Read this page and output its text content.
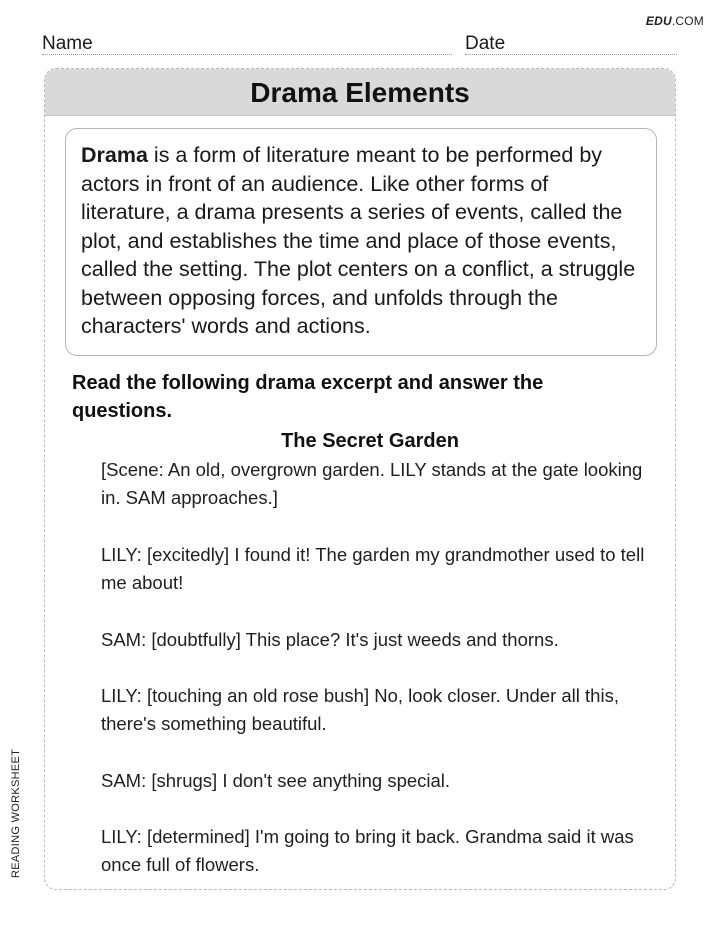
EDU.COM
Name	Date
READING WORKSHEET
Drama Elements
Drama is a form of literature meant to be performed by actors in front of an audience. Like other forms of literature, a drama presents a series of events, called the plot, and establishes the time and place of those events, called the setting. The plot centers on a conflict, a struggle between opposing forces, and unfolds through the characters' words and actions.
Read the following drama excerpt and answer the questions.
The Secret Garden
[Scene: An old, overgrown garden. LILY stands at the gate looking in. SAM approaches.]
LILY: [excitedly] I found it! The garden my grandmother used to tell me about!
SAM: [doubtfully] This place? It's just weeds and thorns.
LILY: [touching an old rose bush] No, look closer. Under all this, there's something beautiful.
SAM: [shrugs] I don't see anything special.
LILY: [determined] I'm going to bring it back. Grandma said it was once full of flowers.
